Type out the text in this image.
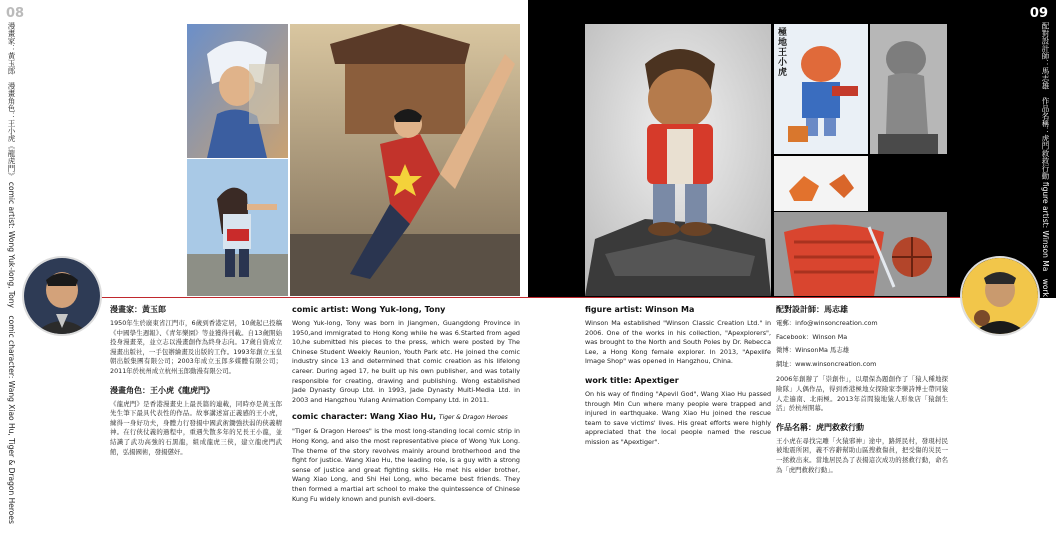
08	09
漫畫家：黃玉郎　漫畫角色：王小虎《龍虎門》 comic artist: Wong Yuk-long, Tony　comic character: Wang Xiao Hu, Tiger & Dragon Heroes	配對設計師：馬志雄　作品名稱：虎門救救行動 figure artist: Winson Ma　work title: Apextiger
極地王小虎
漫畫家：黃玉郎

1950年生於廣東省江門市，6歲到香港定居，10歲起已投稿《中國學生週報》、《青年樂園》等並獲得刊載。自13歲開始投身漫畫業，並立志以漫畫創作為終身志向。17歲自資成立漫畫出版社，一手包辦繪畫及出版的工作。1993年創立玉皇朝出版集團有限公司；2003年成立玉郎多媒體有限公司；2011年於杭州成立杭州玉郎動漫有限公司。

漫畫角色：王小虎《龍虎門》

《龍虎門》是香港漫畫史上最長篇的連載，同時亦是黃玉郎先生筆下最具代表性的作品。故事講述富正義感的王小虎，練得一身好功夫，身體力行發揚中國武術鋤強扶弱的俠義精神。在行俠仗義的過程中，重遇失散多年的兄長王小龍，並結識了武功高強的石黑龍，組成龍虎三俠，建立龍虎門武館，弘揚國術，發揚懲奸。

comic artist: Wong Yuk-long, Tony

Wong Yuk-long, Tony was born in Jiangmen, Guangdong Province in 1950,and immigrated to Hong Kong while he was 6.Started from aged 10,he submitted his pieces to the press, which were posted by The Chinese Student Weekly Reunion, Youth Park etc. He joined the comic industry since 13 and determined that comic creation as his lifelong career. During aged 17, he built up his own publisher, and was totally responsible for creating, drawing and publishing. Wong established Jade Dynasty Group Ltd. in 1993, Jade Dynasty Multi-Media Ltd. in 2003 and Hangzhou Yulang Animation Company Ltd. in 2011.

comic character: Wang Xiao Hu, Tiger & Dragon Heroes

"Tiger & Dragon Heroes" is the most long-standing local comic strip in Hong Kong, and also the most representative piece of Wong Yuk Long. The theme of the story revolves mainly around brotherhood and the fight for justice. Wang Xiao Hu, the leading role, is a guy with a strong sense of justice and great fighting skills. He met his elder brother, Wang Xiao Long, and Shi Hei Long, who became best friends. They then formed a martial art school to make the quintessence of Chinese Kung Fu widely known and punish evil-doers.

figure artist: Winson Ma

Winson Ma established "Winson Classic Creation Ltd." in 2006. One of the works in his collection, "Apexplorers", was brought to the North and South Poles by Dr. Rebecca Lee, a Hong Kong female explorer. In 2013, "Apexlife Image Shop" was opened in Hangzhou, China.

work title: Apextiger

On his way of finding "Apevil God", Wang Xiao Hu passed through Min Cun where many people were trapped and injured in earthquake. Wang Xiao Hu joined the rescue team to save victims' lives. His great efforts were highly appreciated that the local people named the rescue mission as "Apextiger".

配對設計師：馬志雄

電郵：info@winsoncreation.com

Facebook：Winson Ma

微博：WinsonMa 馬志雄

網址：www.winsoncreation.com

2006年創辦了「崇創作」，以環保為題創作了「猿人種地探險隊」人偶作品，得到香港極地女探險家李樂詩博士帶同猿人走遍南、北兩極。2013年首間猿地猿人形象店「猿創生活」於杭州開幕。

作品名稱：虎門救救行動

王小虎在尋找完雕「火猿邪神」途中，路經民村，發現村民被地震所困，義不容辭幫助山區搜救傷員，把受傷的災民一一拯救出來。當地居民為了表揚這次成功的拯救行動，命名為「虎門救救行動」。
